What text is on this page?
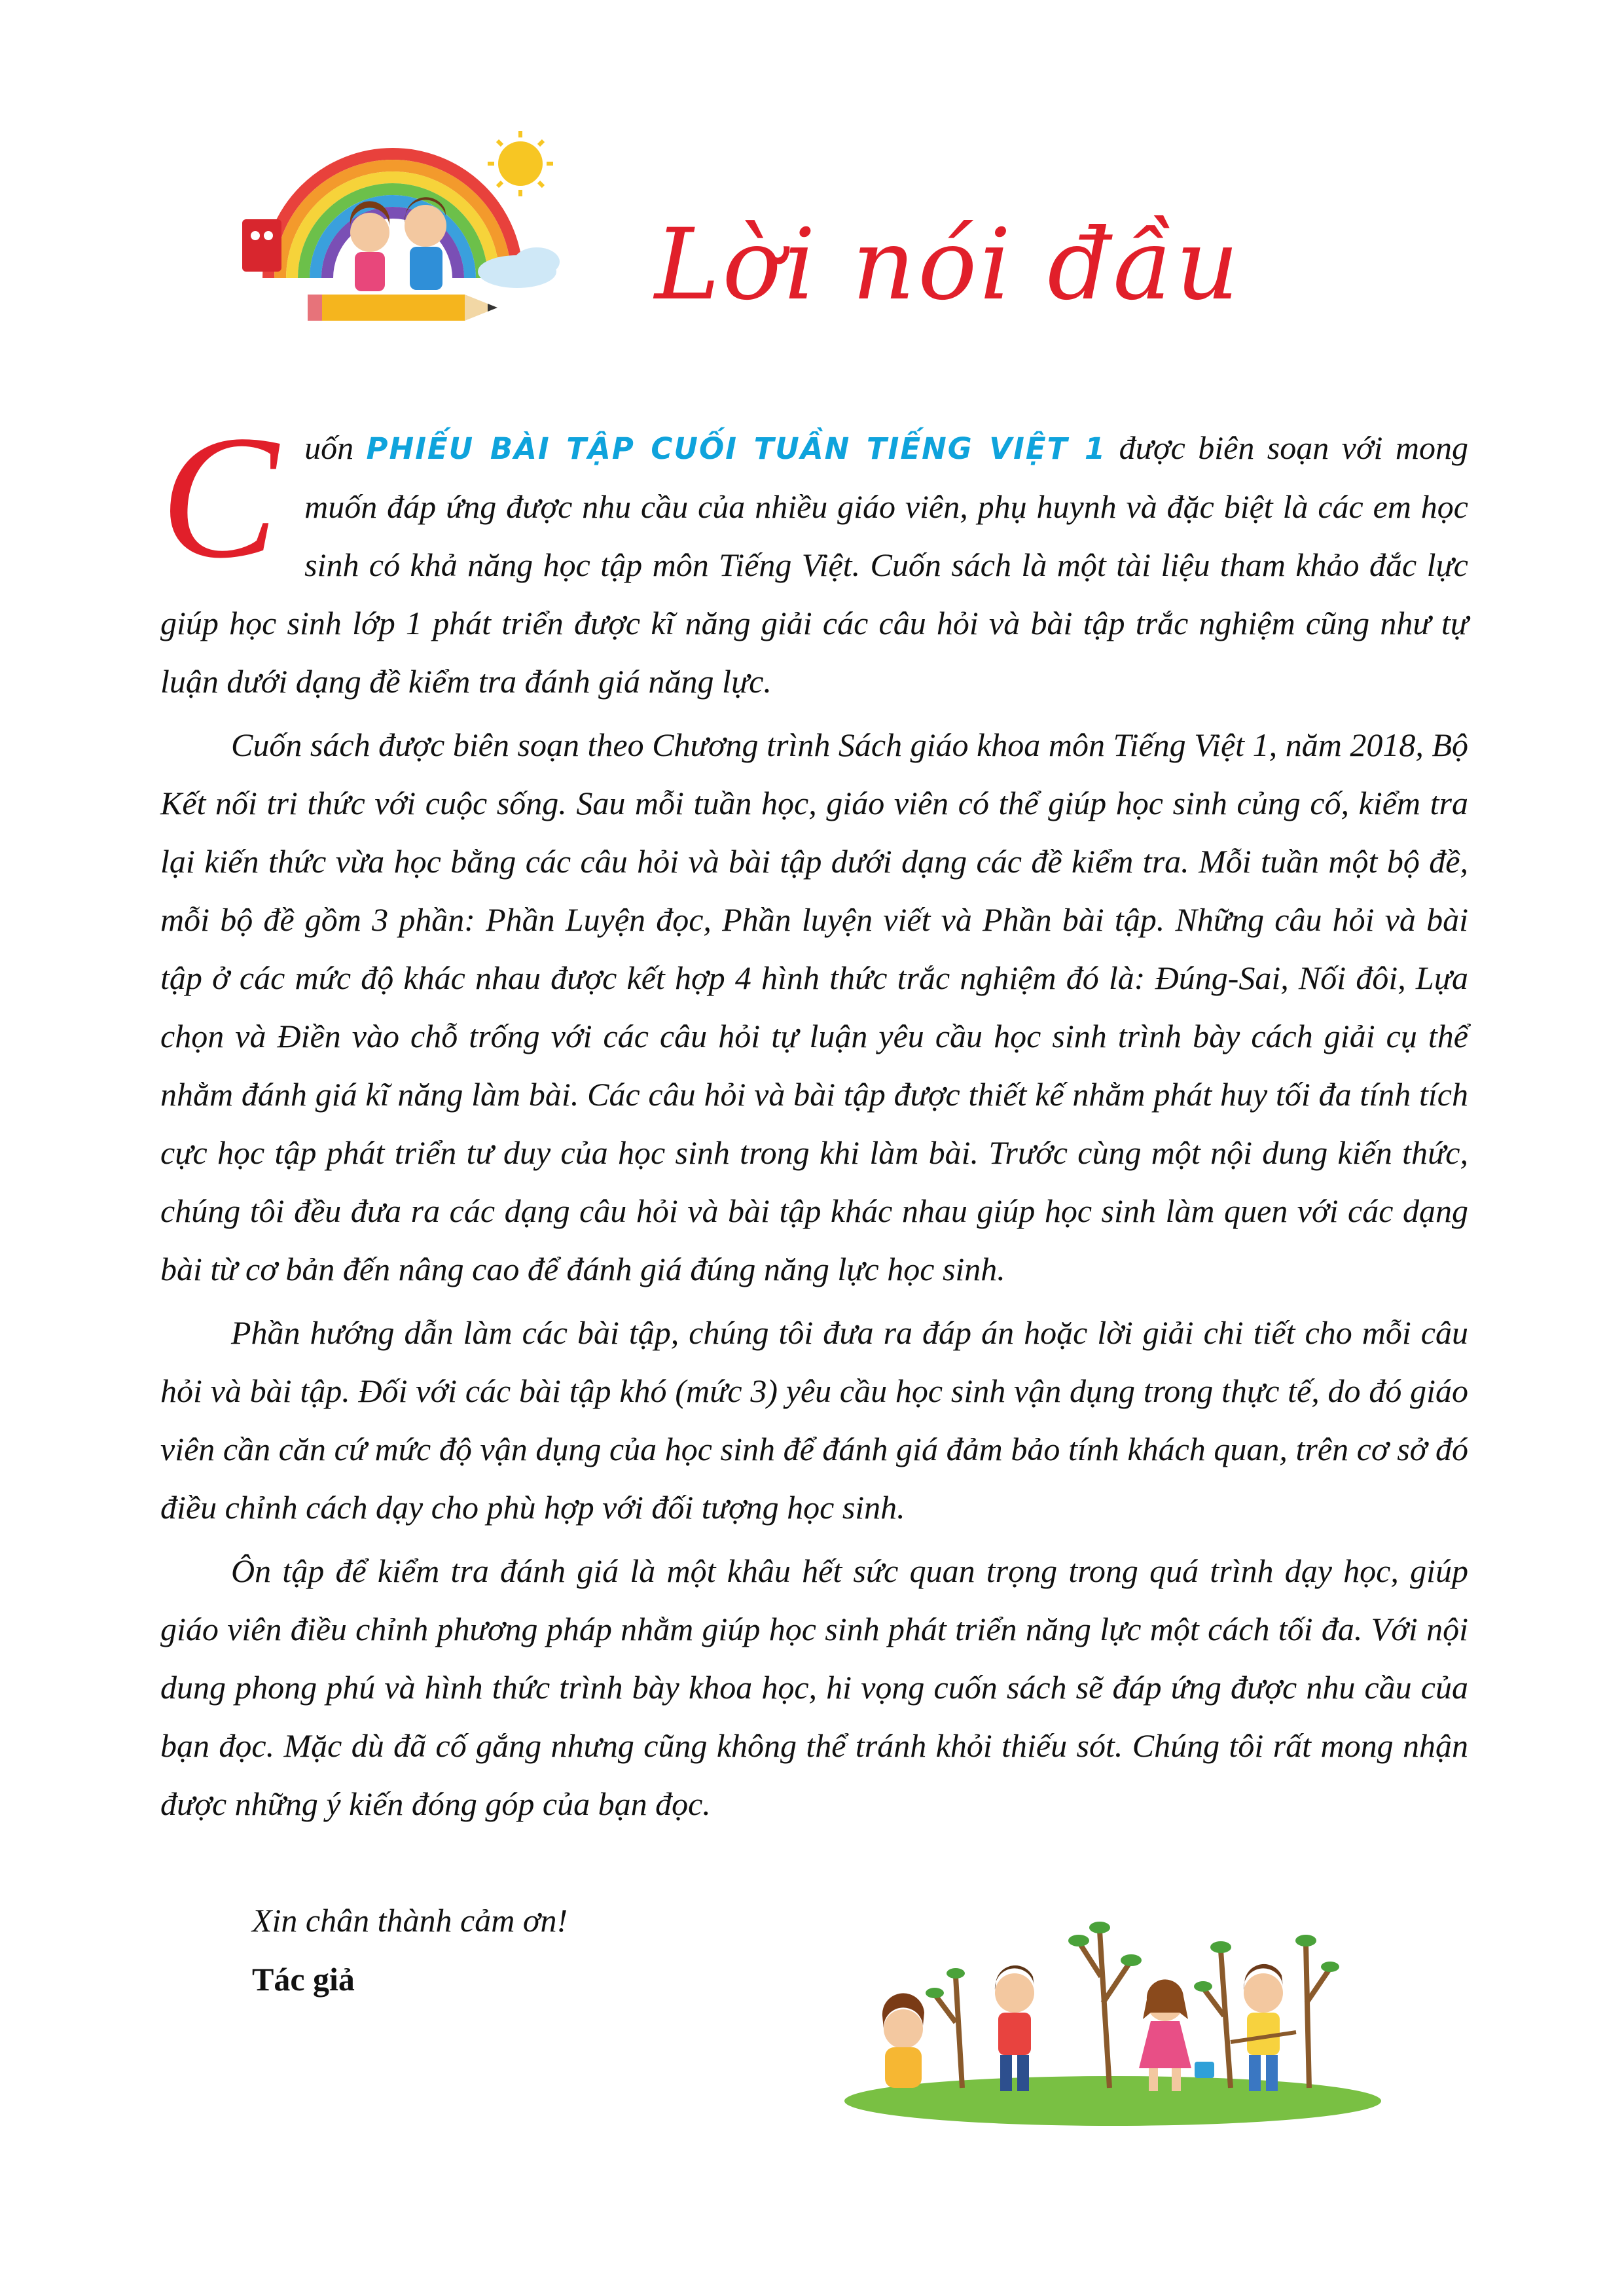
Lời nói đầu

Cuốn PHIẾU BÀI TẬP CUỐI TUẦN TIẾNG VIỆT 1 được biên soạn với mong muốn đáp ứng được nhu cầu của nhiều giáo viên, phụ huynh và đặc biệt là các em học sinh có khả năng học tập môn Tiếng Việt. Cuốn sách là một tài liệu tham khảo đắc lực giúp học sinh lớp 1 phát triển được kĩ năng giải các câu hỏi và bài tập trắc nghiệm cũng như tự luận dưới dạng đề kiểm tra đánh giá năng lực.

Cuốn sách được biên soạn theo Chương trình Sách giáo khoa môn Tiếng Việt 1, năm 2018, Bộ Kết nối tri thức với cuộc sống. Sau mỗi tuần học, giáo viên có thể giúp học sinh củng cố, kiểm tra lại kiến thức vừa học bằng các câu hỏi và bài tập dưới dạng các đề kiểm tra. Mỗi tuần một bộ đề, mỗi bộ đề gồm 3 phần: Phần Luyện đọc, Phần luyện viết và Phần bài tập. Những câu hỏi và bài tập ở các mức độ khác nhau được kết hợp 4 hình thức trắc nghiệm đó là: Đúng-Sai, Nối đôi, Lựa chọn và Điền vào chỗ trống với các câu hỏi tự luận yêu cầu học sinh trình bày cách giải cụ thể nhằm đánh giá kĩ năng làm bài. Các câu hỏi và bài tập được thiết kế nhằm phát huy tối đa tính tích cực học tập phát triển tư duy của học sinh trong khi làm bài. Trước cùng một nội dung kiến thức, chúng tôi đều đưa ra các dạng câu hỏi và bài tập khác nhau giúp học sinh làm quen với các dạng bài từ cơ bản đến nâng cao để đánh giá đúng năng lực học sinh.

Phần hướng dẫn làm các bài tập, chúng tôi đưa ra đáp án hoặc lời giải chi tiết cho mỗi câu hỏi và bài tập. Đối với các bài tập khó (mức 3) yêu cầu học sinh vận dụng trong thực tế, do đó giáo viên cần căn cứ mức độ vận dụng của học sinh để đánh giá đảm bảo tính khách quan, trên cơ sở đó điều chỉnh cách dạy cho phù hợp với đối tượng học sinh.

Ôn tập để kiểm tra đánh giá là một khâu hết sức quan trọng trong quá trình dạy học, giúp giáo viên điều chỉnh phương pháp nhằm giúp học sinh phát triển năng lực một cách tối đa. Với nội dung phong phú và hình thức trình bày khoa học, hi vọng cuốn sách sẽ đáp ứng được nhu cầu của bạn đọc. Mặc dù đã cố gắng nhưng cũng không thể tránh khỏi thiếu sót. Chúng tôi rất mong nhận được những ý kiến đóng góp của bạn đọc.

Xin chân thành cảm ơn!
Tác giả
